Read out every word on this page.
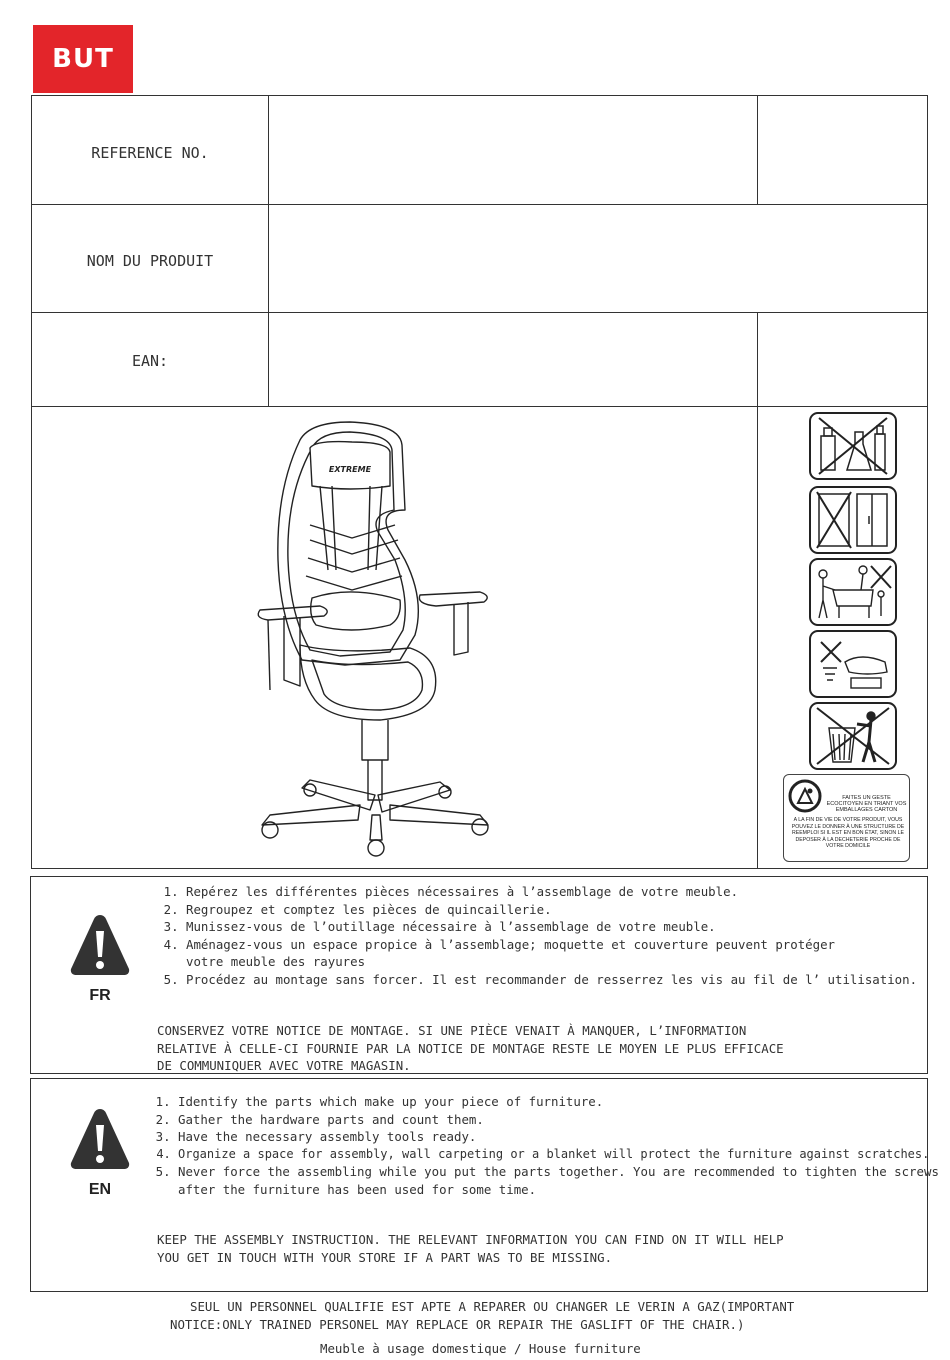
BUT
REFERENCE NO.
NOM DU PRODUIT
EAN:
EXTREME
FAITES UN GESTE ECOCITOYEN EN TRIANT VOS EMBALLAGES CARTON
A LA FIN DE VIE DE VOTRE PRODUIT, VOUS POUVEZ LE DONNER À UNE STRUCTURE DE REEMPLOI SI IL EST EN BON ÉTAT, SINON LE DEPOSER À LA DECHETERIE PROCHE DE VOTRE DOMICILE
FR
1. Repérez les différentes pièces nécessaires à l’assemblage de votre meuble.
2. Regroupez et comptez les pièces de quincaillerie.
3. Munissez-vous de l’outillage nécessaire à l’assemblage de votre meuble.
4. Aménagez-vous un espace propice à l’assemblage; moquette et couverture peuvent protéger votre meuble des rayures
5. Procédez au montage sans forcer. Il est recommander de resserrez les vis au fil de l’ utilisation.
CONSERVEZ VOTRE NOTICE DE MONTAGE. SI UNE PIÈCE VENAIT À MANQUER, L’INFORMATION
RELATIVE À CELLE-CI FOURNIE PAR LA NOTICE DE MONTAGE RESTE LE MOYEN LE PLUS EFFICACE
DE COMMUNIQUER AVEC VOTRE MAGASIN.
EN
1. Identify the parts which make up your piece of furniture.
2. Gather the hardware parts and count them.
3. Have the necessary assembly tools ready.
4. Organize a space for assembly, wall carpeting or a blanket will protect the furniture against scratches.
5. Never force the assembling while you put the parts together. You are recommended to tighten the screws after the furniture has been used for some time.
KEEP THE ASSEMBLY INSTRUCTION. THE RELEVANT INFORMATION YOU CAN FIND ON IT WILL HELP
YOU GET IN TOUCH WITH YOUR STORE IF A PART WAS TO BE MISSING.
SEUL UN PERSONNEL QUALIFIE EST APTE A REPARER OU CHANGER LE VERIN A GAZ(IMPORTANT
NOTICE:ONLY TRAINED PERSONEL MAY REPLACE OR REPAIR THE GASLIFT OF THE CHAIR.)
Meuble à usage domestique / House furniture
